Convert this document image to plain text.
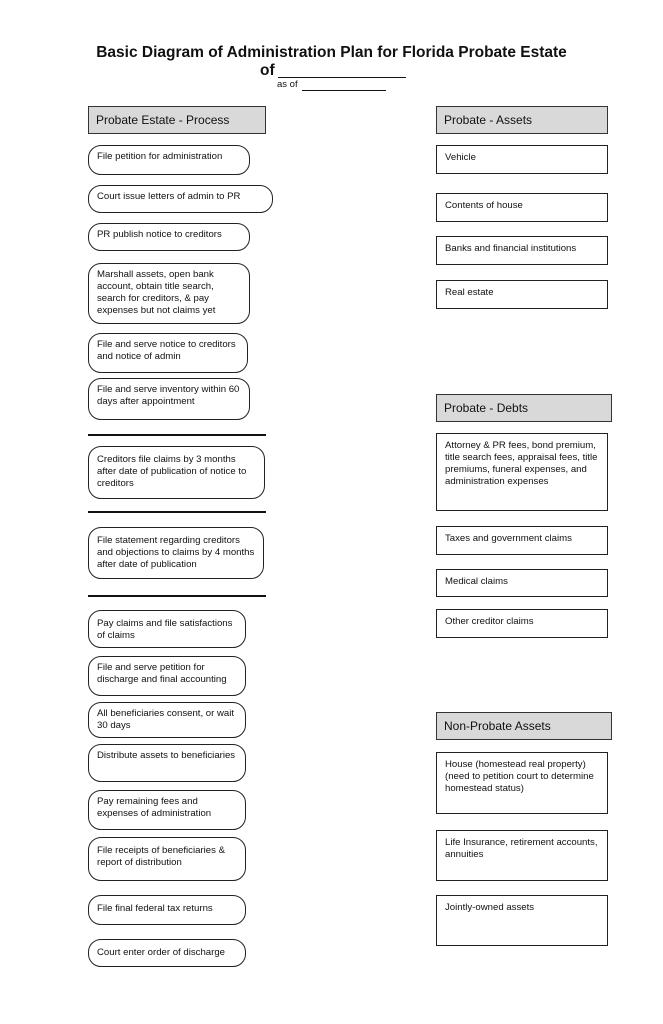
Basic Diagram of Administration Plan for Florida Probate Estate
of
as of
Probate Estate - Process
File petition for administration
Court issue letters of admin to PR
PR publish notice to creditors
Marshall assets, open bank account, obtain title search, search for creditors, & pay expenses but not claims yet
File and serve notice to creditors and notice of admin
File and serve inventory within 60 days after appointment
Creditors file claims by 3 months after date of publication of notice to creditors
File statement regarding creditors and objections to claims by 4 months after date of publication
Pay claims and file satisfactions of claims
File and serve petition for discharge and final accounting
All beneficiaries consent, or wait 30 days
Distribute assets to beneficiaries
Pay remaining fees and expenses of administration
File receipts of beneficiaries & report of distribution
File final federal tax returns
Court enter order of discharge
Probate - Assets
Vehicle
Contents of house
Banks and financial institutions
Real estate
Probate - Debts
Attorney & PR fees, bond premium, title search fees, appraisal fees, title premiums, funeral expenses, and administration expenses
Taxes and government claims
Medical claims
Other creditor claims
Non-Probate Assets
House (homestead real property) (need to petition court to determine homestead status)
Life Insurance, retirement accounts, annuities
Jointly-owned assets
